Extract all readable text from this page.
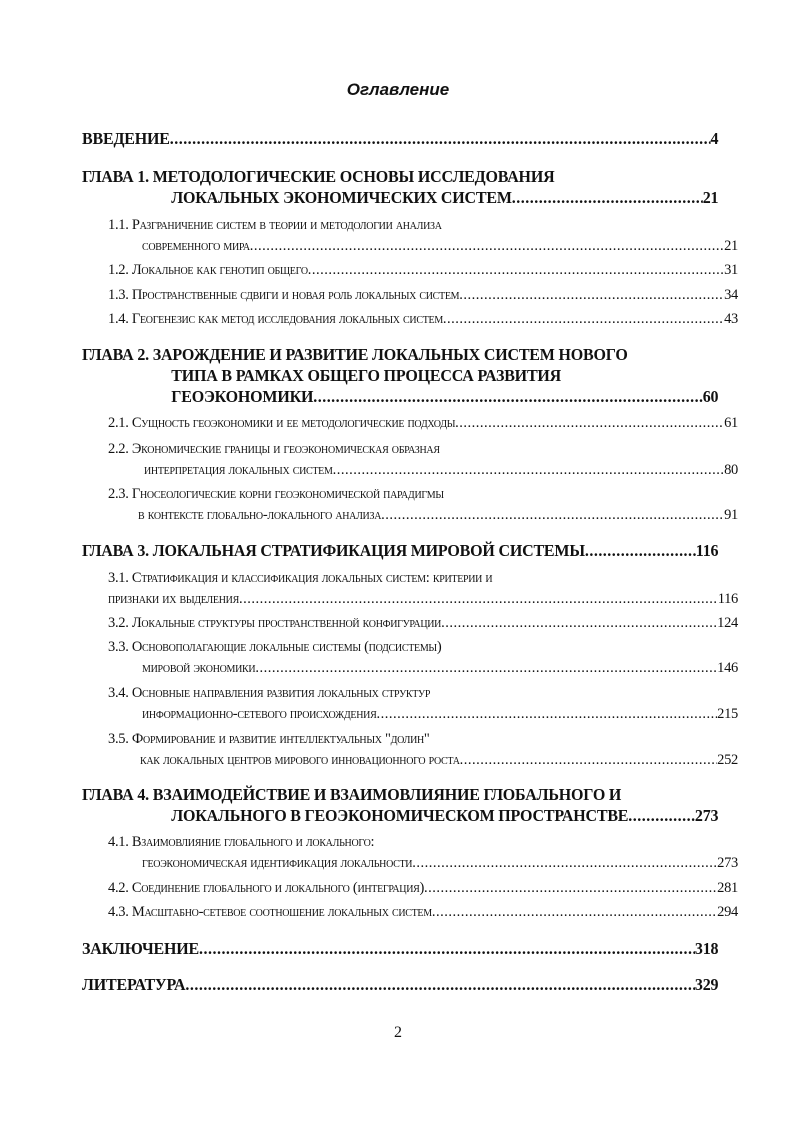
Оглавление
ВВЕДЕНИЕ .....	4
ГЛАВА 1. МЕТОДОЛОГИЧЕСКИЕ ОСНОВЫ ИССЛЕДОВАНИЯ
ЛОКАЛЬНЫХ ЭКОНОМИЧЕСКИХ СИСТЕМ .....	21
1.1. Разграничение систем в теории и методологии анализа
современного мира .....	21
1.2. Локальное как генотип общего .....	31
1.3. Пространственные сдвиги и новая роль локальных систем .....	34
1.4. Геогенезис как метод исследования локальных систем .....	43
ГЛАВА 2. ЗАРОЖДЕНИЕ И РАЗВИТИЕ ЛОКАЛЬНЫХ СИСТЕМ НОВОГО
ТИПА В РАМКАХ ОБЩЕГО ПРОЦЕССА РАЗВИТИЯ
ГЕОЭКОНОМИКИ .....	60
2.1. Сущность геоэкономики и ее методологические подходы .....	61
2.2. Экономические границы и геоэкономическая образная
интерпретация локальных систем .....	80
2.3. Гносеологические корни геоэкономической парадигмы
в контексте глобально-локального анализа .....	91
ГЛАВА 3. ЛОКАЛЬНАЯ СТРАТИФИКАЦИЯ МИРОВОЙ СИСТЕМЫ .....	116
3.1. Стратификация и классификация локальных систем: критерии и
признаки их выделения .....	116
3.2. Локальные структуры пространственной конфигурации .....	124
3.3. Основополагающие локальные системы (подсистемы)
мировой экономики .....	146
3.4. Основные направления развития локальных структур
информационно-сетевого происхождения .....	215
3.5. Формирование и развитие интеллектуальных "долин"
как локальных центров мирового инновационного роста .....	252
ГЛАВА 4. ВЗАИМОДЕЙСТВИЕ И ВЗАИМОВЛИЯНИЕ ГЛОБАЛЬНОГО И
ЛОКАЛЬНОГО В ГЕОЭКОНОМИЧЕСКОМ ПРОСТРАНСТВЕ .....	273
4.1. Взаимовлияние глобального и локального:
геоэкономическая идентификация локальности .....	273
4.2. Соединение глобального и локального (интеграция) .....	281
4.3. Масштабно-сетевое соотношение локальных систем .....	294
ЗАКЛЮЧЕНИЕ .....	318
ЛИТЕРАТУРА .....	329
2
